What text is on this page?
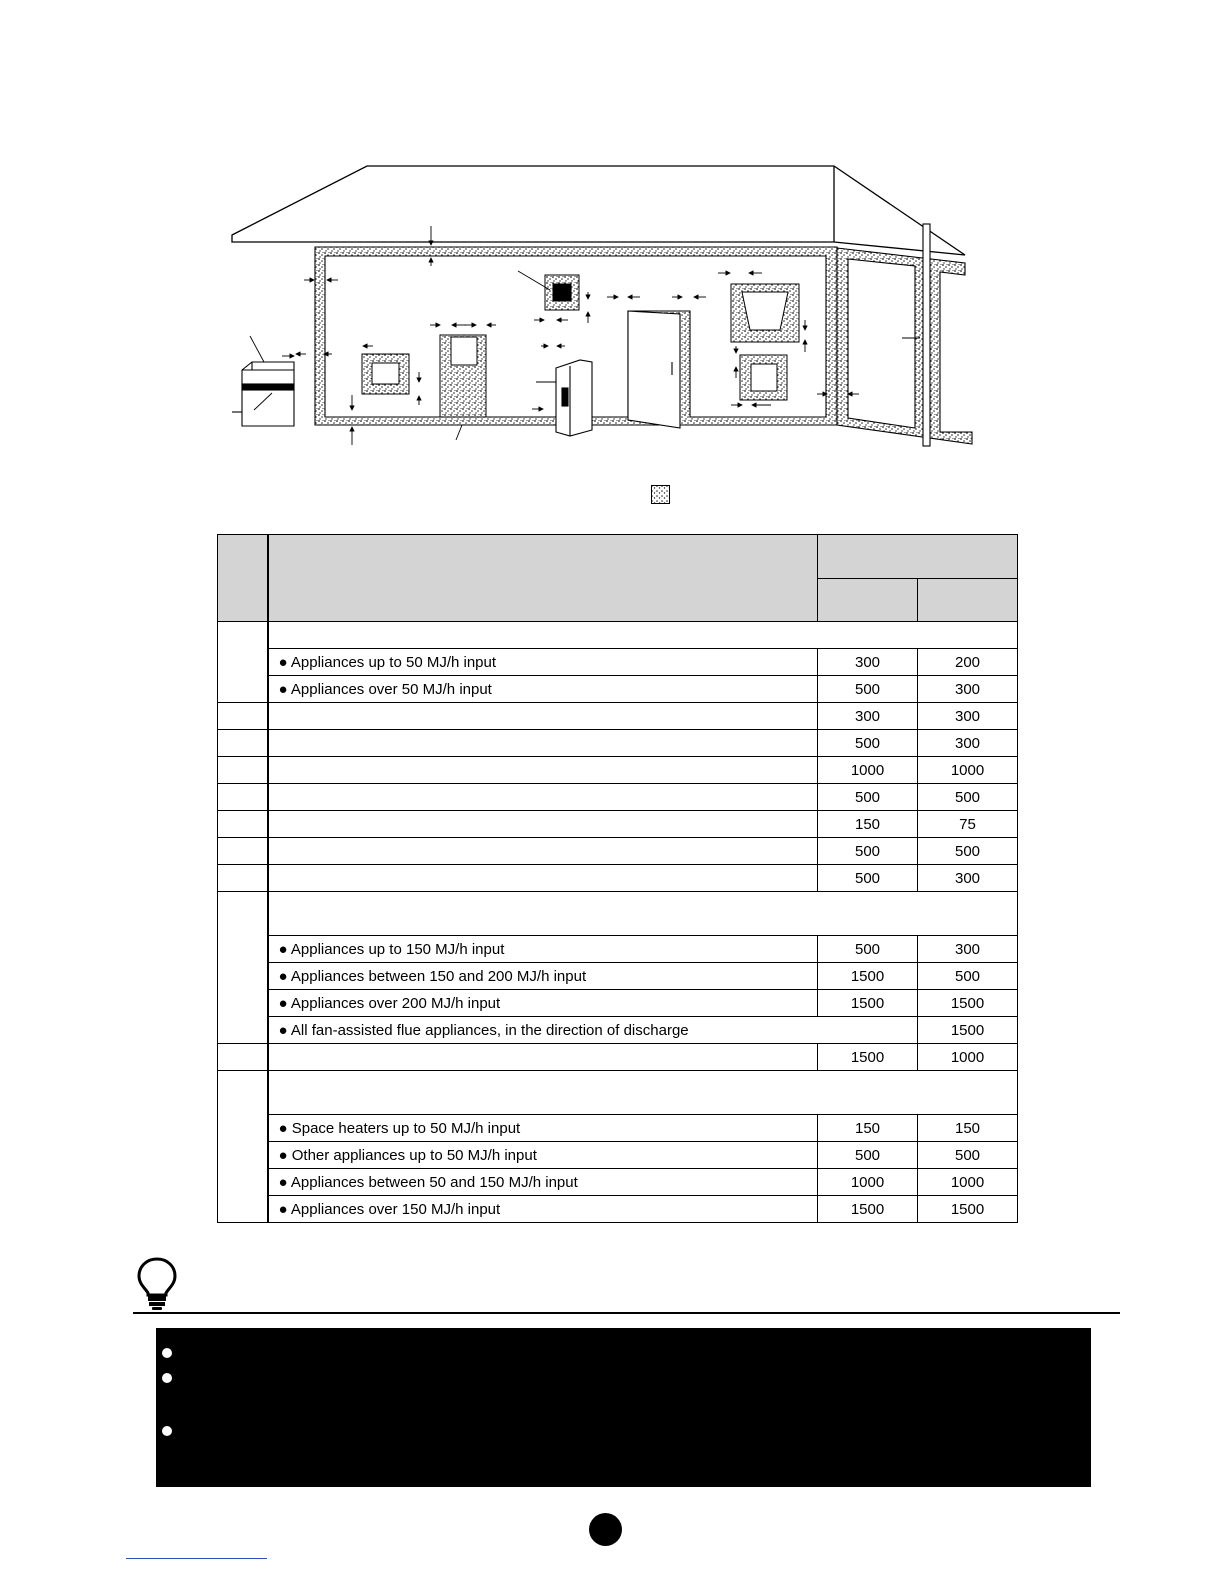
	● Appliances up to 50 MJ/h input	300	200
	● Appliances over 50 MJ/h input	500	300
		300	300
		500	300
		1000	1000
		500	500
		150	75
		500	500
		500	300

	● Appliances up to 150 MJ/h input	500	300
	● Appliances between 150 and 200 MJ/h input	1500	500
	● Appliances over 200 MJ/h input	1500	1500
	● All fan-assisted flue appliances, in the direction of discharge		1500
		1500	1000

	● Space heaters up to 50 MJ/h input	150	150
	● Other appliances up to 50 MJ/h input	500	500
	● Appliances between 50 and 150 MJ/h input	1000	1000
	● Appliances over 150 MJ/h input	1500	1500
